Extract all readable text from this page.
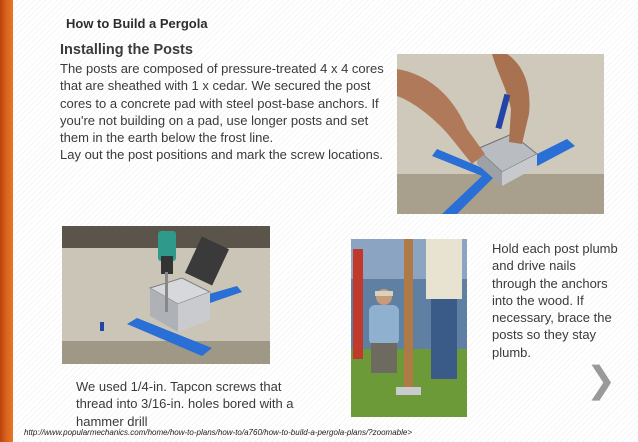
How to Build a Pergola
Installing the Posts

The posts are composed of pressure-treated 4 x 4 cores that are sheathed with 1 x cedar. We secured the post cores to a concrete pad with steel post-base anchors. If you're not building on a pad, use longer posts and set them in the earth below the frost line.

Lay out the post positions and mark the screw locations.

Hold each post plumb and drive nails through the anchors into the wood. If necessary, brace the posts so they stay plumb.
We used 1/4-in. Tapcon screws that thread into 3/16-in. holes bored with a hammer drill
❯
http://www.popularmechanics.com/home/how-to-plans/how-to/a760/how-to-build-a-pergola-plans/?zoomable>
